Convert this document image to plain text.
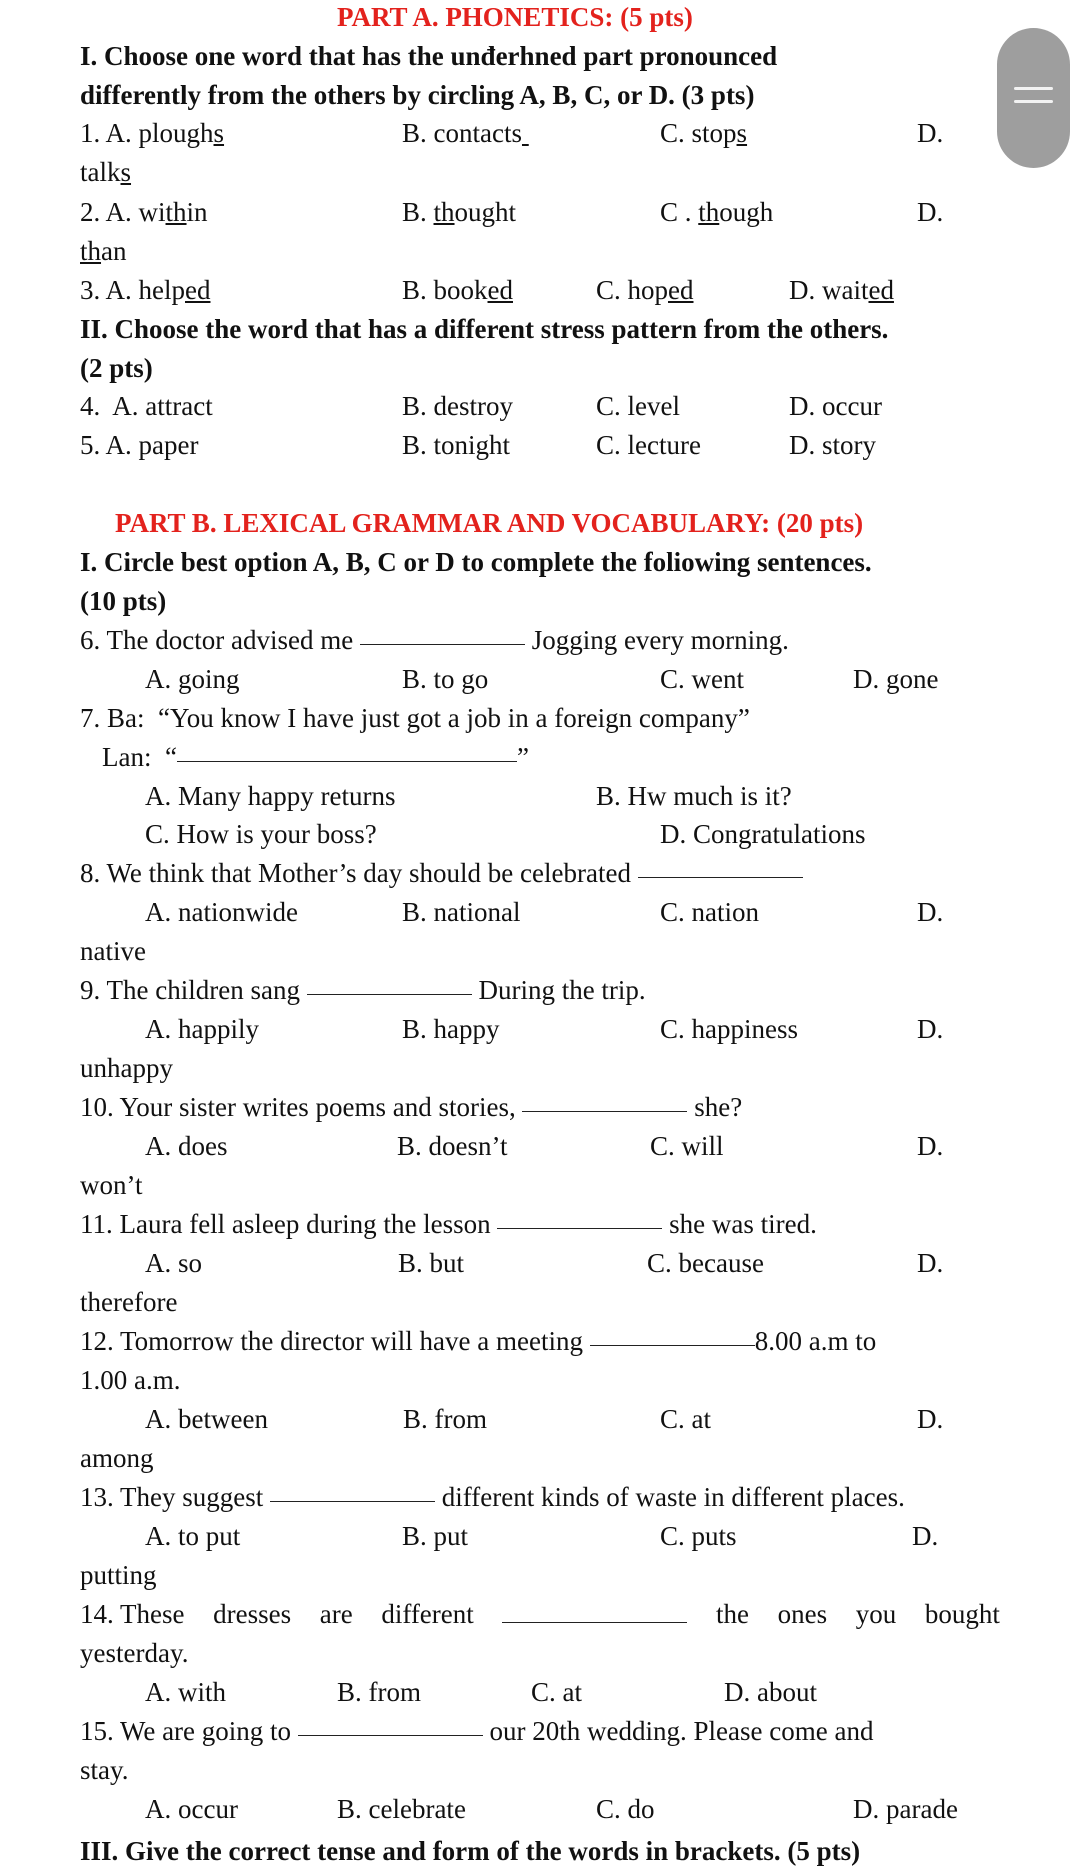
PART A. PHONETICS: (5 pts)
I. Choose one word that has the unđerhned part pronounced
differently from the others by circling A, B, C, or D. (3 pts)
1. A. ploughs	B. contacts	C. stops	D.
talks
2. A. within	B. thought	C . though	D.
than
3. A. helped	B. booked	C. hoped	D. waited
II. Choose the word that has a different stress pattern from the others.
(2 pts)
4.  A. attract	B. destroy	C. level	D. occur
5. A. paper	B. tonight	C. lecture	D. story
PART B. LEXICAL GRAMMAR AND VOCABULARY: (20 pts)
I. Circle best option A, B, C or D to complete the foliowing sentences.
(10 pts)
6. The doctor advised me	Jogging every morning.
A. going	B. to go	C. went	D. gone
7. Ba:  “You know I have just got a job in a foreign company”
Lan:  “	”
A. Many happy returns	B. Hw much is it?
C. How is your boss?	D. Congratulations
8. We think that Mother’s day should be celebrated
A. nationwide	B. national	C. nation	D.
native
9. The children sang	During the trip.
A. happily	B. happy	C. happiness	D.
unhappy
10. Your sister writes poems and stories,	she?
A. does	B. doesn’t	C. will	D.
won’t
11. Laura fell asleep during the lesson	she was tired.
A. so	B. but	C. because	D.
therefore
12. Tomorrow the director will have a meeting	8.00 a.m to
1.00 a.m.
A. between	B. from	C. at	D.
among
13. They suggest	different kinds of waste in different places.
A. to put	B. put	C. puts	D.
putting
14. These dresses are different	the ones you bought
yesterday.
A. with	B. from	C. at	D. about
15. We are going to	our 20th wedding. Please come and
stay.
A. occur	B. celebrate	C. do	D. parade
III. Give the correct tense and form of the words in brackets. (5 pts)
